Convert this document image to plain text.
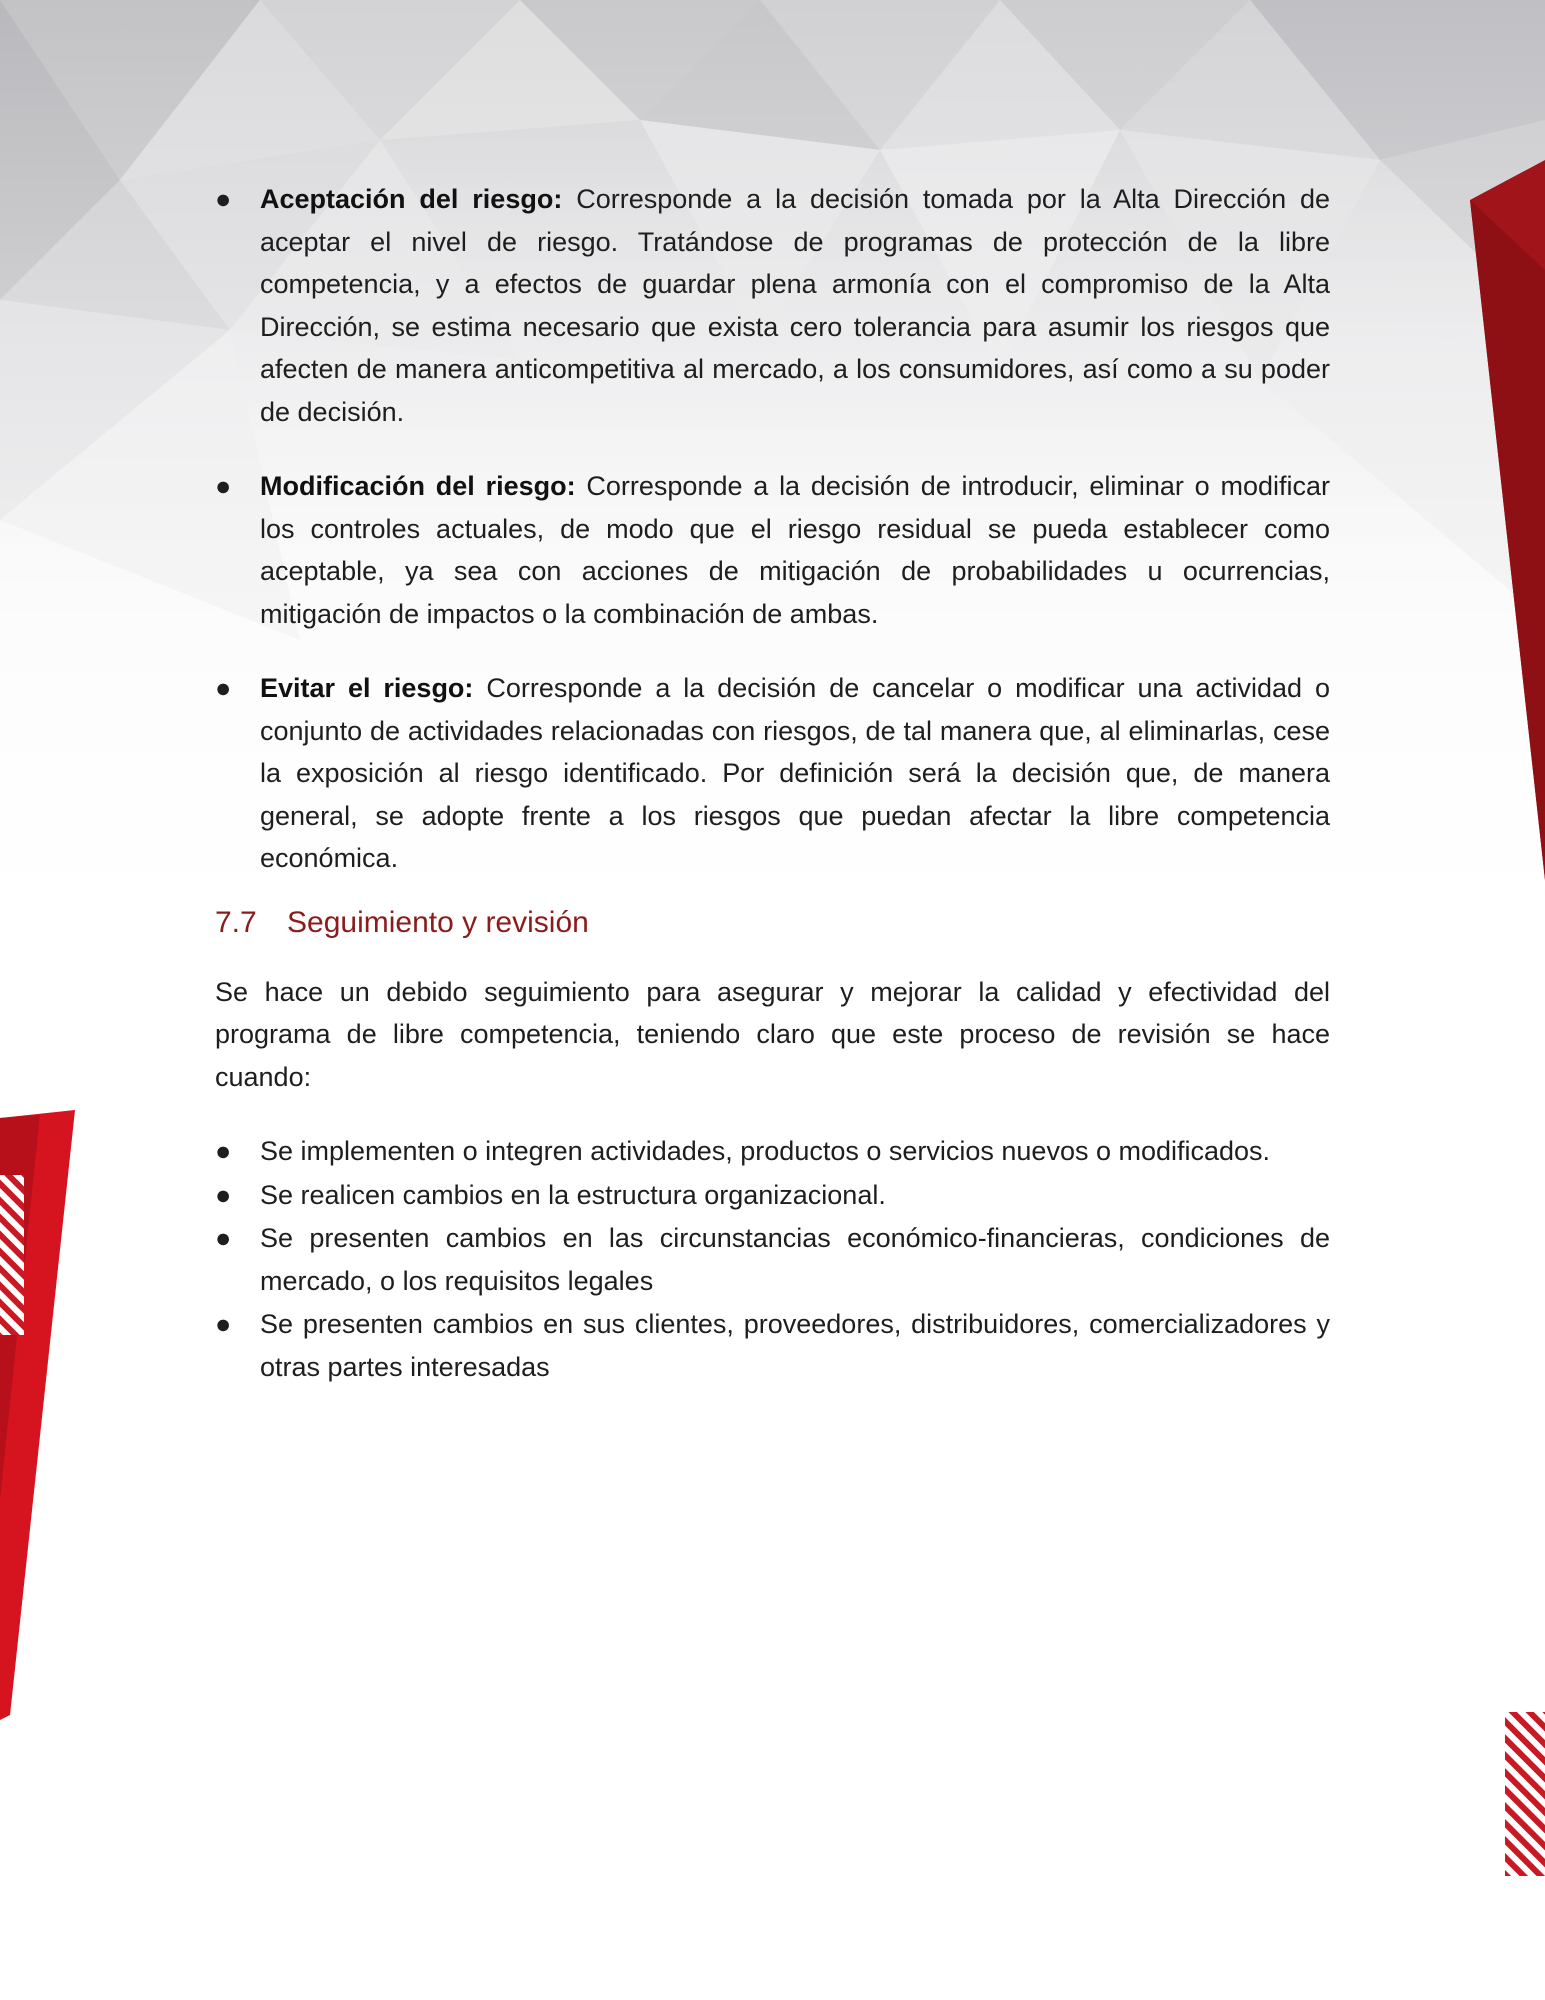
● Aceptación del riesgo: Corresponde a la decisión tomada por la Alta Dirección de aceptar el nivel de riesgo. Tratándose de programas de protección de la libre competencia, y a efectos de guardar plena armonía con el compromiso de la Alta Dirección, se estima necesario que exista cero tolerancia para asumir los riesgos que afecten de manera anticompetitiva al mercado, a los consumidores, así como a su poder de decisión.
● Modificación del riesgo: Corresponde a la decisión de introducir, eliminar o modificar los controles actuales, de modo que el riesgo residual se pueda establecer como aceptable, ya sea con acciones de mitigación de probabilidades u ocurrencias, mitigación de impactos o la combinación de ambas.
● Evitar el riesgo: Corresponde a la decisión de cancelar o modificar una actividad o conjunto de actividades relacionadas con riesgos, de tal manera que, al eliminarlas, cese la exposición al riesgo identificado. Por definición será la decisión que, de manera general, se adopte frente a los riesgos que puedan afectar la libre competencia económica.
7.7 Seguimiento y revisión
Se hace un debido seguimiento para asegurar y mejorar la calidad y efectividad del programa de libre competencia, teniendo claro que este proceso de revisión se hace cuando:
● Se implementen o integren actividades, productos o servicios nuevos o modificados.
● Se realicen cambios en la estructura organizacional.
● Se presenten cambios en las circunstancias económico-financieras, condiciones de mercado, o los requisitos legales
● Se presenten cambios en sus clientes, proveedores, distribuidores, comercializadores y otras partes interesadas
